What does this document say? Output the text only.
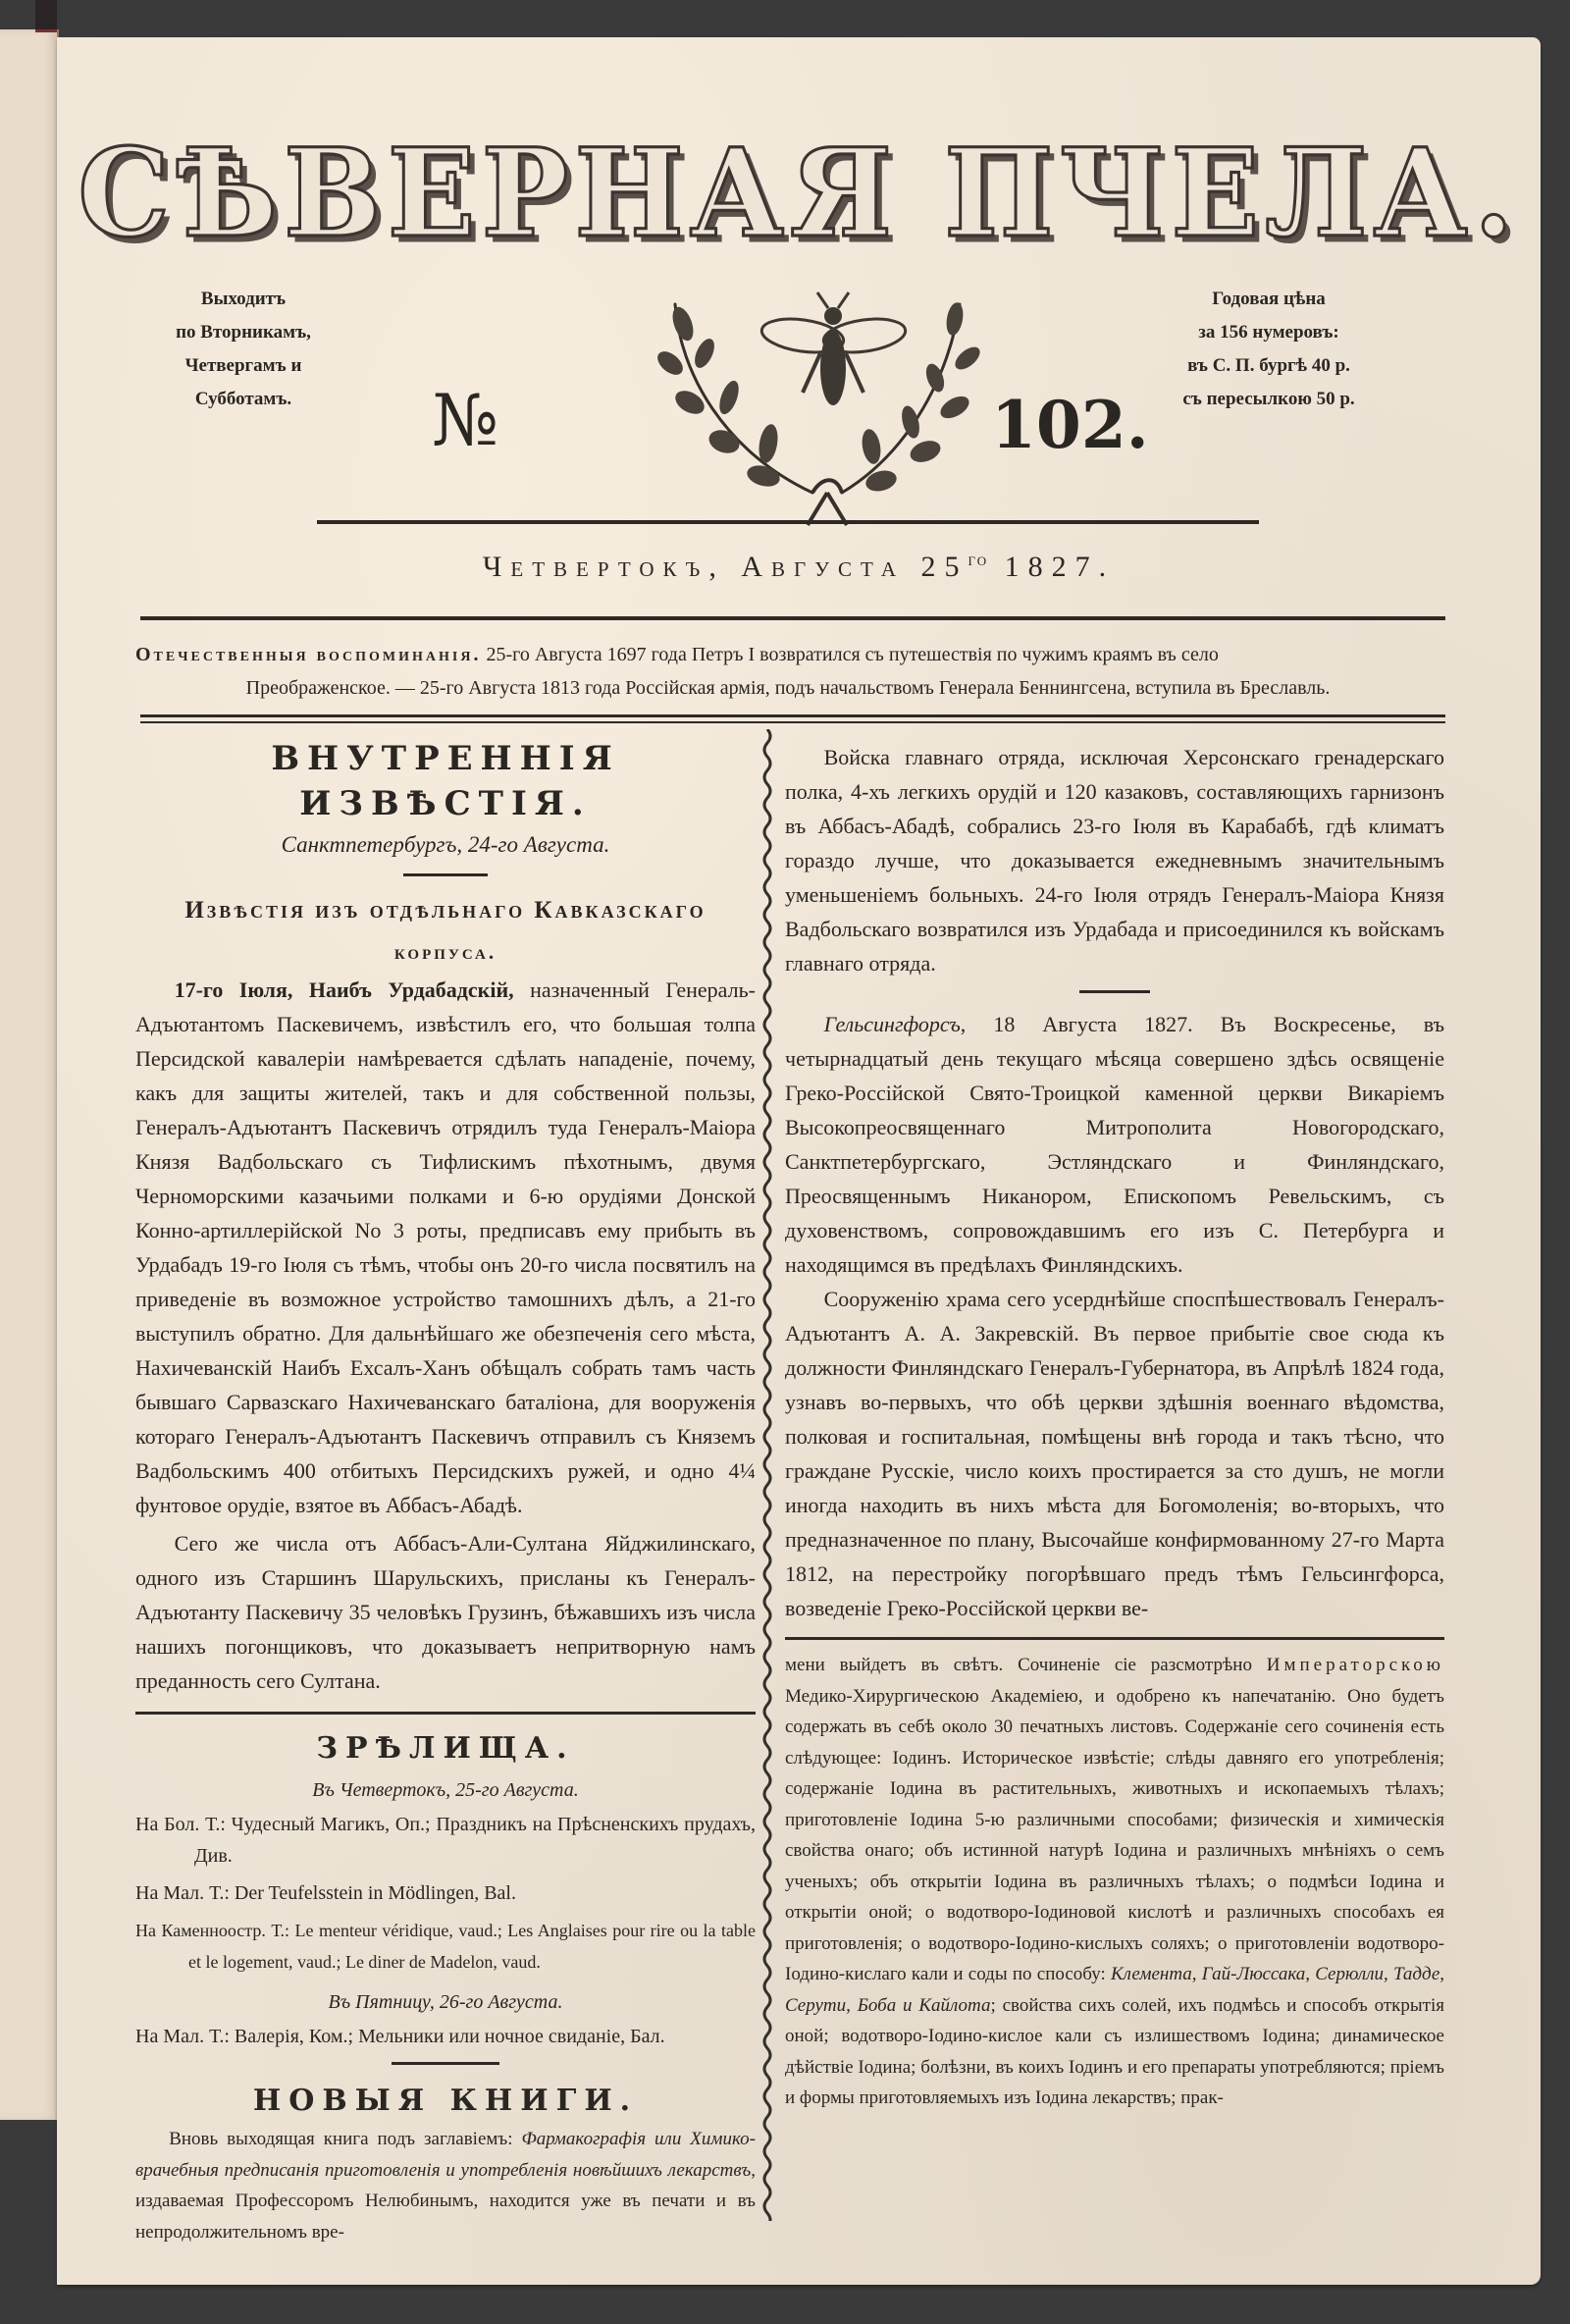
СѢВЕРНАЯ ПЧЕЛА.
Выходитъ
по Вторникамъ,
Четвергамъ и
Субботамъ.
Годовая цѣна
за 156 нумеровъ:
въ С. П. бургѣ 40 р.
съ пересылкою 50 р.
№	102.
Четвертокъ, Августа $25^{го}$ 1827.
Отечественныя воспоминанія. 25-го Августа 1697 года Петръ I возвратился съ путешествія по чужимъ краямъ въ село
Преображенское. — 25-го Августа 1813 года Россійская армія, подъ начальствомъ Генерала Беннингсена, вступила въ Бреславль.
ВНУТРЕННІЯ ИЗВѢСТІЯ.
Санктпетербургъ, 24-го Августа.
Извѣстія изъ отдѣльнаго Кавказскаго
корпуса.

17-го Іюля, Наибъ Урдабадскій, назначенный Генераль-Адъютантомъ Паскевичемъ, извѣстилъ его, что большая толпа Персидской кавалеріи намѣревается сдѣлать нападеніе, почему, какъ для защиты жителей, такъ и для собственной пользы, Генералъ-Адъютантъ Паскевичъ отрядилъ туда Генералъ-Маіора Князя Вадбольскаго съ Тифлискимъ пѣхотнымъ, двумя Черноморскими казачьими полками и 6-ю орудіями Донской Конно-артиллерійской No 3 роты, предписавъ ему прибыть въ Урдабадъ 19-го Іюля съ тѣмъ, чтобы онъ 20-го числа посвятилъ на приведеніе въ возможное устройство тамошнихъ дѣлъ, а 21-го выступилъ обратно. Для дальнѣйшаго же обезпеченія сего мѣста, Нахичеванскій Наибъ Ехсалъ-Ханъ обѣщалъ собрать тамъ часть бывшаго Сарвазскаго Нахичеванскаго баталіона, для вооруженія котораго Генералъ-Адъютантъ Паскевичъ отправилъ съ Княземъ Вадбольскимъ 400 отбитыхъ Персидскихъ ружей, и одно 4¼ фунтовое орудіе, взятое въ Аббасъ-Абадѣ.

Сего же числа отъ Аббасъ-Али-Султана Яйджилинскаго, одного изъ Старшинъ Шарульскихъ, присланы къ Генералъ-Адъютанту Паскевичу 35 человѣкъ Грузинъ, бѣжавшихъ изъ числа нашихъ погонщиковъ, что доказываетъ непритворную намъ преданность сего Султана.

ЗРѢЛИЩА.
Въ Четвертокъ, 25-го Августа.

На Бол. Т.: Чудесный Магикъ, Оп.; Праздникъ на Прѣсненскихъ прудахъ, Див.

На Мал. Т.: Der Teufelsstein in Mödlingen, Bal.

На Каменноостр. Т.: Le menteur véridique, vaud.; Les Anglaises pour rire ou la table et le logement, vaud.; Le diner de Madelon, vaud.

Въ Пятницу, 26-го Августа.

На Мал. Т.: Валерія, Ком.; Мельники или ночное свиданіе, Бал.

НОВЫЯ КНИГИ.

Вновь выходящая книга подъ заглавіемъ: Фармакографія или Химико-врачебныя предписанія приготовленія и употребленія новѣйшихъ лекарствъ, издаваемая Профессоромъ Нелюбинымъ, находится уже въ печати и въ непродолжительномъ вре-

Войска главнаго отряда, исключая Херсонскаго гренадерскаго полка, 4-хъ легкихъ орудій и 120 казаковъ, составляющихъ гарнизонъ въ Аббасъ-Абадѣ, собрались 23-го Іюля въ Карабабѣ, гдѣ климатъ гораздо лучше, что доказывается ежедневнымъ значительнымъ уменьшеніемъ больныхъ. 24-го Іюля отрядъ Генералъ-Маіора Князя Вадбольскаго возвратился изъ Урдабада и присоединился къ войскамъ главнаго отряда.

Гельсингфорсъ, 18 Августа 1827. Въ Воскресенье, въ четырнадцатый день текущаго мѣсяца совершено здѣсь освященіе Греко-Россійской Свято-Троицкой каменной церкви Викаріемъ Высокопреосвященнаго Митрополита Новогородскаго, Санктпетербургскаго, Эстляндскаго и Финляндскаго, Преосвященнымъ Никанором, Епископомъ Ревельскимъ, съ духовенствомъ, сопровождавшимъ его изъ С. Петербурга и находящимся въ предѣлахъ Финляндскихъ.

Сооруженію храма сего усерднѣйше споспѣшествовалъ Генералъ-Адъютантъ А. А. Закревскій. Въ первое прибытіе свое сюда къ должности Финляндскаго Генералъ-Губернатора, въ Апрѣлѣ 1824 года, узнавъ во-первыхъ, что обѣ церкви здѣшнія военнаго вѣдомства, полковая и госпитальная, помѣщены внѣ города и такъ тѣсно, что граждане Русскіе, число коихъ простирается за сто душъ, не могли иногда находить въ нихъ мѣста для Богомоленія; во-вторыхъ, что предназначенное по плану, Высочайше конфирмованному 27-го Марта 1812, на перестройку погорѣвшаго предъ тѣмъ Гельсингфорса, возведеніе Греко-Россійской церкви ве-

мени выйдетъ въ свѣтъ. Сочиненіе сіе разсмотрѣно Императорскою Медико-Хирургическою Академіею, и одобрено къ напечатанію. Оно будетъ содержать въ себѣ около 30 печатныхъ листовъ. Содержаніе сего сочиненія есть слѣдующее: Іодинъ. Историческое извѣстіе; слѣды давняго его употребленія; содержаніе Іодина въ растительныхъ, животныхъ и ископаемыхъ тѣлахъ; приготовленіе Іодина 5-ю различными способами; физическія и химическія свойства онаго; объ истинной натурѣ Іодина и различныхъ мнѣніяхъ о семъ ученыхъ; объ открытіи Іодина въ различныхъ тѣлахъ; о подмѣси Іодина и открытіи оной; о водотворо-Іодиновой кислотѣ и различныхъ способахъ ея приготовленія; о водотворо-Іодино-кислыхъ соляхъ; о приготовленіи водотворо-Іодино-кислаго кали и соды по способу: Клемента, Гай-Люссака, Серюлли, Тадде, Серути, Боба и Кайлота; свойства сихъ солей, ихъ подмѣсь и способъ открытія оной; водотворо-Іодино-кислое кали съ излишествомъ Іодина; динамическое дѣйствіе Іодина; болѣзни, въ коихъ Іодинъ и его препараты употребляются; пріемъ и формы приготовляемыхъ изъ Іодина лекарствъ; прак-
